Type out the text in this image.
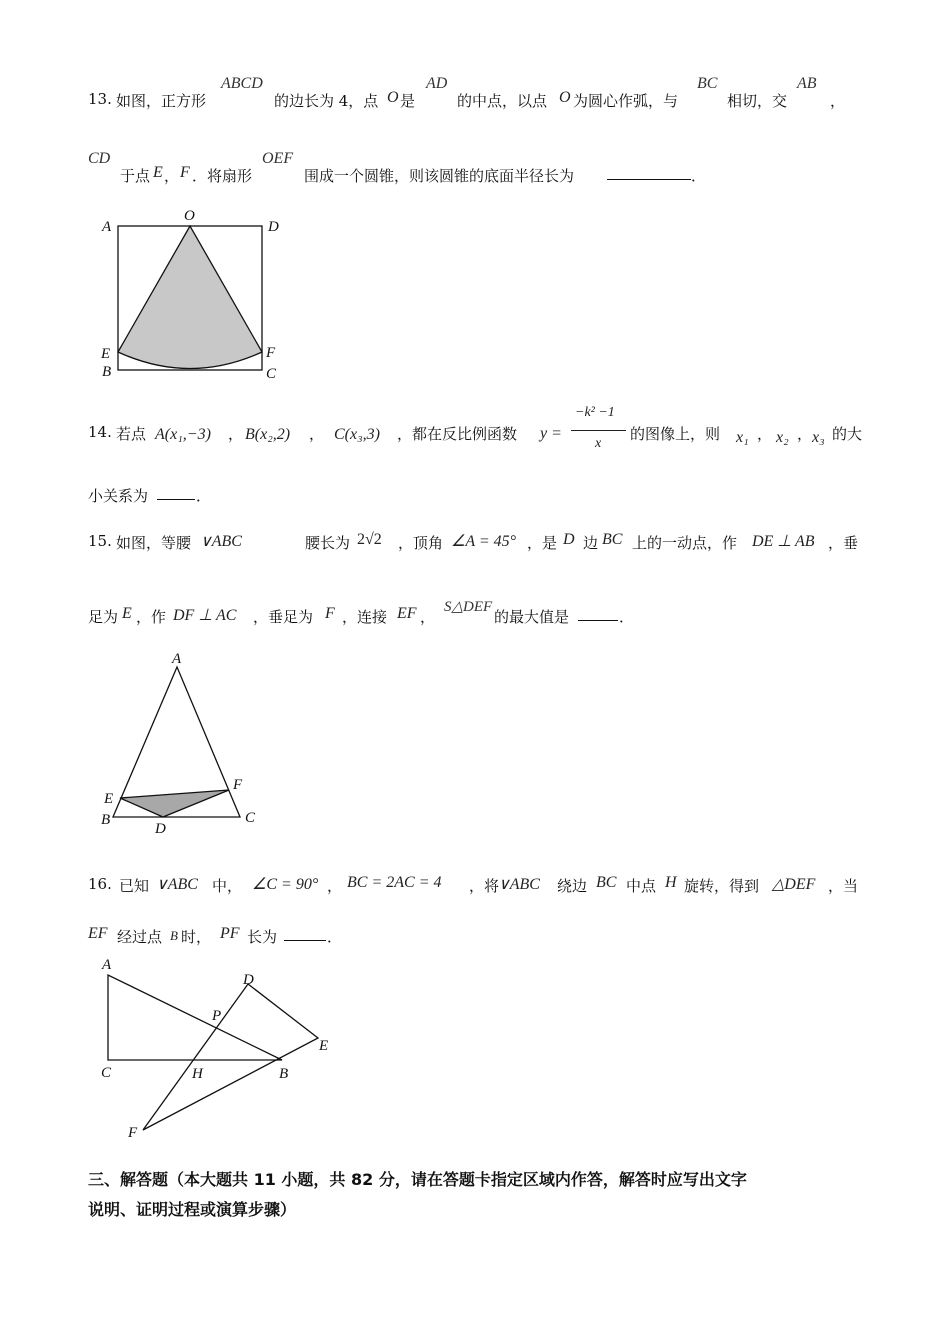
13. 如图，正方形
ABCD
的边长为 4，点 O 是
AD
的中点，以点 O 为圆心作弧，与
BC
相切，交
AB
，
CD
于点 E ， F ．将扇形
OEF
围成一个圆锥，则该圆锥的底面半径长为	．
A
O
D
E	F
B	C
14. 若点 A(x₁,−3) ， B(x₂,2) ， C(x₃,3) ，都在反比例函数 y =
−k² −1
x
的图像上，则 x₁ ， x₂ ， x₃ 的大
小关系为	．
15. 如图，等腰 ∨ABC	腰长为 2√2 ，顶角 ∠A = 45° ，是 D 边 BC 上的一动点，作 DE ⊥ AB ，垂
足为 E ，作 DF ⊥ AC ，垂足为 F ，连接 EF ，
S△DEF
的最大值是	．
A
E
F
B
D
C
16. 已知 ∨ABC 中， ∠C = 90° ， BC = 2AC = 4 ，将
∨ABC 绕边 BC 中点 H 旋转，得到 △DEF ，当
EF 经过点 B 时， PF 长为	．
A
D
P
E
C	H	B
F
三、解答题（本大题共 11 小题，共 82 分，请在答题卡指定区域内作答，解答时应写出文字
说明、证明过程或演算步骤）
